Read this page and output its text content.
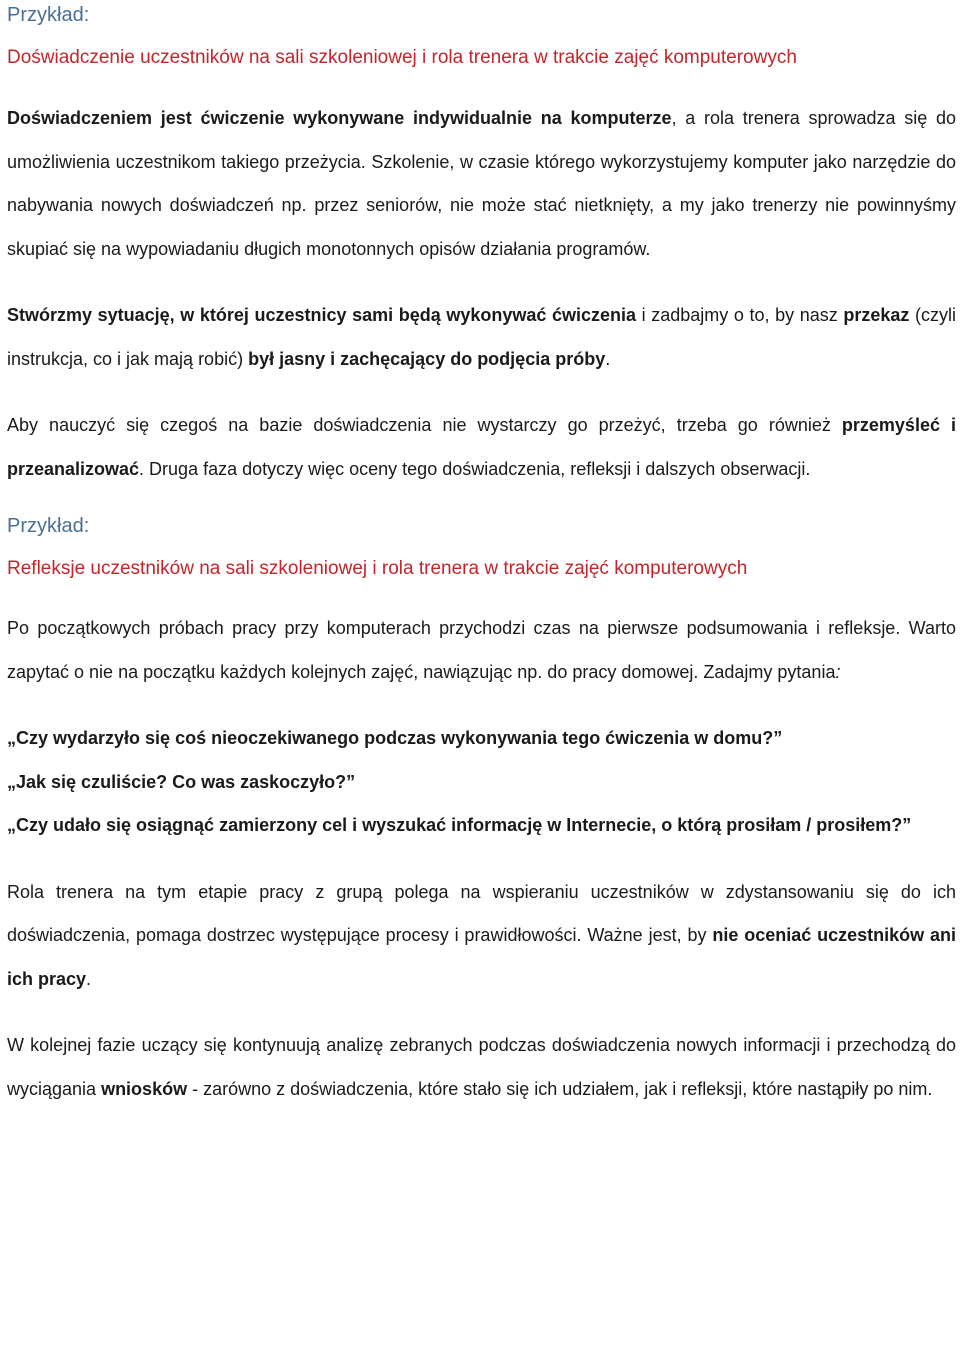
Przykład:

Doświadczenie uczestników na sali szkoleniowej i rola trenera w trakcie zajęć komputerowych

Doświadczeniem jest ćwiczenie wykonywane indywidualnie na komputerze, a rola trenera sprowadza się do umożliwienia uczestnikom takiego przeżycia. Szkolenie, w czasie którego wykorzystujemy komputer jako narzędzie do nabywania nowych doświadczeń np. przez seniorów, nie może stać nietknięty, a my jako trenerzy nie powinnyśmy skupiać się na wypowiadaniu długich monotonnych opisów działania programów.

Stwórzmy sytuację, w której uczestnicy sami będą wykonywać ćwiczenia i zadbajmy o to, by nasz przekaz (czyli instrukcja, co i jak mają robić) był jasny i zachęcający do podjęcia próby.

Aby nauczyć się czegoś na bazie doświadczenia nie wystarczy go przeżyć, trzeba go również przemyśleć i przeanalizować. Druga faza dotyczy więc oceny tego doświadczenia, refleksji i dalszych obserwacji.

Przykład:

Refleksje uczestników na sali szkoleniowej i rola trenera w trakcie zajęć komputerowych

Po początkowych próbach pracy przy komputerach przychodzi czas na pierwsze podsumowania i refleksje. Warto zapytać o nie na początku każdych kolejnych zajęć, nawiązując np. do pracy domowej. Zadajmy pytania:

„Czy wydarzyło się coś nieoczekiwanego podczas wykonywania tego ćwiczenia w domu?”

„Jak się czuliście? Co was zaskoczyło?”

„Czy udało się osiągnąć zamierzony cel i wyszukać informację w Internecie, o którą prosiłam / prosiłem?”

Rola trenera na tym etapie pracy z grupą polega na wspieraniu uczestników w zdystansowaniu się do ich doświadczenia, pomaga dostrzec występujące procesy i prawidłowości. Ważne jest, by nie oceniać uczestników ani ich pracy.

W kolejnej fazie uczący się kontynuują analizę zebranych podczas doświadczenia nowych informacji i przechodzą do wyciągania wniosków - zarówno z doświadczenia, które stało się ich udziałem, jak i refleksji, które nastąpiły po nim.
